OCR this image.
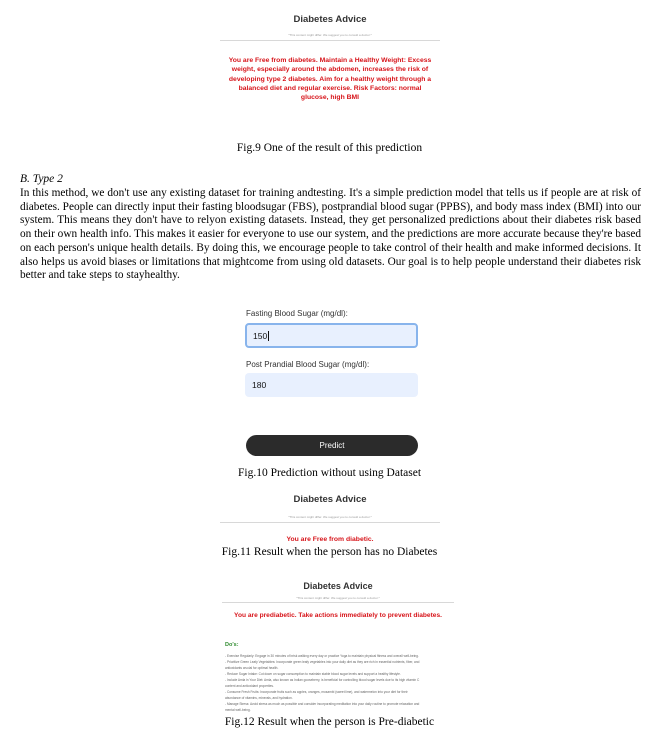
Diabetes Advice
*This content might differ. We suggest you to consult a doctor.*
You are Free from diabetes. Maintain a Healthy Weight: Excess weight, especially around the abdomen, increases the risk of developing type 2 diabetes. Aim for a healthy weight through a balanced diet and regular exercise. Risk Factors: normal glucose, high BMI
Fig.9 One of the result of this prediction
B. Type 2
In this method, we don't use any existing dataset for training andtesting. It's a simple prediction model that tells us if people are at risk of diabetes. People can directly input their fasting bloodsugar (FBS), postprandial blood sugar (PPBS), and body mass index (BMI) into our system. This means they don't have to relyon existing datasets. Instead, they get personalized predictions about their diabetes risk based on their own health info. This makes it easier for everyone to use our system, and the predictions are more accurate because they're based on each person's unique health details. By doing this, we encourage people to take control of their health and make informed decisions. It also helps us avoid biases or limitations that mightcome from using old datasets. Our goal is to help people understand their diabetes risk better and take steps to stayhealthy.
Fasting Blood Sugar (mg/dl):
150
Post Prandial Blood Sugar (mg/dl):
180
Predict
Fig.10 Prediction without using Dataset
Diabetes Advice
*This content might differ. We suggest you to consult a doctor.*
You are Free from diabetic.
Fig.11 Result when the person has no Diabetes
Diabetes Advice
*This content might differ. We suggest you to consult a doctor.*
You are prediabetic. Take actions immediately to prevent diabetes.
Do's:
- Exercise Regularly: Engage in 30 minutes of brisk walking every day or practice Yoga to maintain physical fitness and overall well-being.
- Prioritize Green Leafy Vegetables: Incorporate green leafy vegetables into your daily diet as they are rich in essential nutrients, fiber, and
antioxidants crucial for optimal health.
- Reduce Sugar Intake: Cut down on sugar consumption to maintain stable blood sugar levels and support a healthy lifestyle.
- Include Amla in Your Diet: Amla, also known as Indian gooseberry, is beneficial for controlling blood sugar levels due to its high vitamin C
content and antioxidant properties.
- Consume Fresh Fruits: Incorporate fruits such as apples, oranges, mosambi (sweet lime), and watermelon into your diet for their
abundance of vitamins, minerals, and hydration.
- Manage Stress: Avoid stress as much as possible and consider incorporating meditation into your daily routine to promote relaxation and
mental well-being.
Fig.12 Result when the person is Pre-diabetic
